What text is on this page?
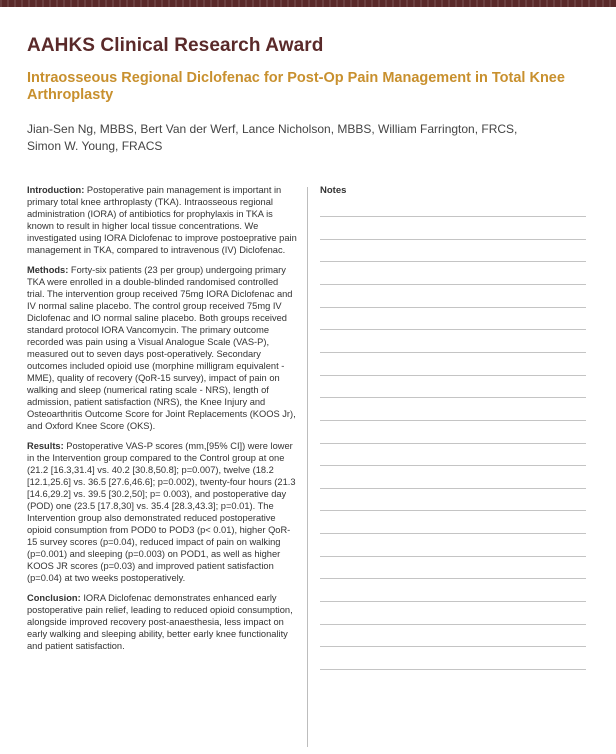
AAHKS Clinical Research Award
Intraosseous Regional Diclofenac for Post-Op Pain Management in Total Knee Arthroplasty
Jian-Sen Ng, MBBS, Bert Van der Werf, Lance Nicholson, MBBS, William Farrington, FRCS, Simon W. Young, FRACS

Introduction: Postoperative pain management is important in primary total knee arthroplasty (TKA). Intraosseous regional administration (IORA) of antibiotics for prophylaxis in TKA is known to result in higher local tissue concentrations. We investigated using IORA Diclofenac to improve postoeprative pain management in TKA, compared to intravenous (IV) Diclofenac.

Methods: Forty-six patients (23 per group) undergoing primary TKA were enrolled in a double-blinded randomised controlled trial. The intervention group received 75mg IORA Diclofenac and IV normal saline placebo. The control group received 75mg IV Diclofenac and IO normal saline placebo. Both groups received standard protocol IORA Vancomycin. The primary outcome recorded was pain using a Visual Analogue Scale (VAS-P), measured out to seven days post-operatively. Secondary outcomes included opioid use (morphine milligram equivalent - MME), quality of recovery (QoR-15 survey), impact of pain on walking and sleep (numerical rating scale - NRS), length of admission, patient satisfaction (NRS), the Knee Injury and Osteoarthritis Outcome Score for Joint Replacements (KOOS Jr), and Oxford Knee Score (OKS).

Results: Postoperative VAS-P scores (mm,[95% CI]) were lower in the Intervention group compared to the Control group at one (21.2 [16.3,31.4] vs. 40.2 [30.8,50.8]; p=0.007), twelve (18.2 [12.1,25.6] vs. 36.5 [27.6,46.6]; p=0.002), twenty-four hours (21.3 [14.6,29.2] vs. 39.5 [30.2,50]; p= 0.003), and postoperative day (POD) one (23.5 [17.8,30] vs. 35.4 [28.3,43.3]; p=0.01). The Intervention group also demonstrated reduced postoperative opioid consumption from POD0 to POD3 (p< 0.01), higher QoR-15 survey scores (p=0.04), reduced impact of pain on walking (p=0.001) and sleeping (p=0.003) on POD1, as well as higher KOOS JR scores (p=0.03) and improved patient satisfaction (p=0.04) at two weeks postoperatively.

Conclusion: IORA Diclofenac demonstrates enhanced early postoperative pain relief, leading to reduced opioid consumption, alongside improved recovery post-anaesthesia, less impact on early walking and sleeping ability, better early knee functionality and patient satisfaction.

Notes
